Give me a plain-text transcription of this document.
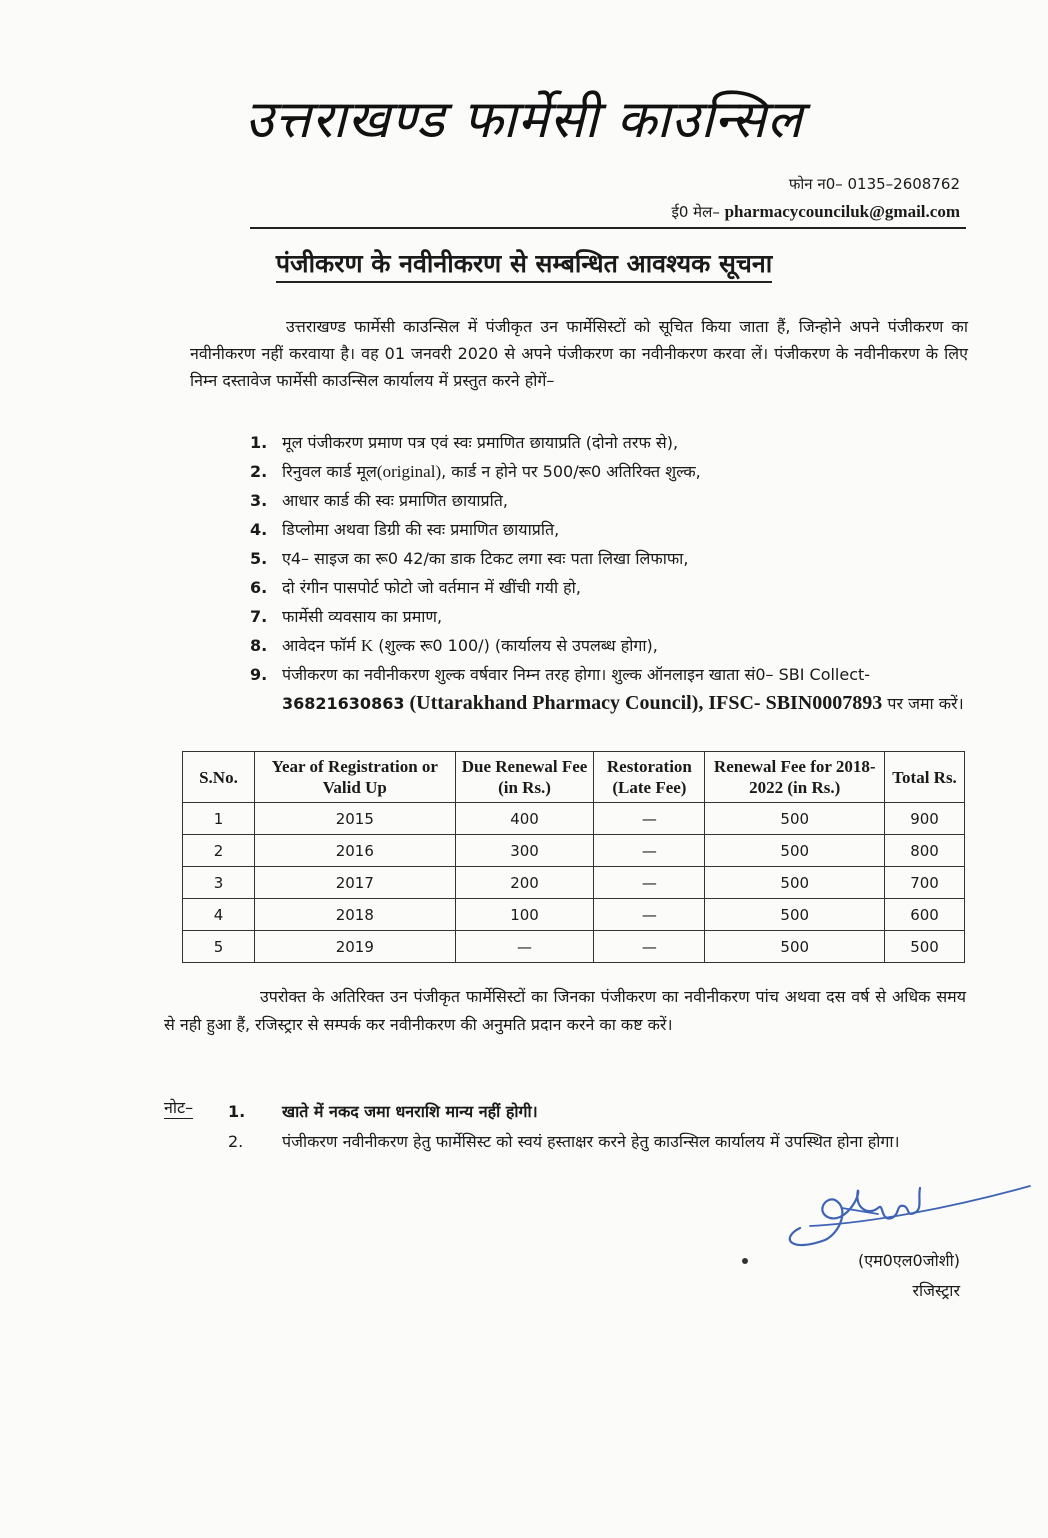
उत्तराखण्ड फार्मेसी काउन्सिल
फोन न0– 0135–2608762
ई0 मेल– pharmacycounciluk@gmail.com
पंजीकरण के नवीनीकरण से सम्बन्धित आवश्यक सूचना
उत्तराखण्ड फार्मेसी काउन्सिल में पंजीकृत उन फार्मेसिस्टों को सूचित किया जाता हैं, जिन्होने अपने पंजीकरण का नवीनीकरण नहीं करवाया है। वह 01 जनवरी 2020 से अपने पंजीकरण का नवीनीकरण करवा लें। पंजीकरण के नवीनीकरण के लिए निम्न दस्तावेज फार्मेसी काउन्सिल कार्यालय में प्रस्तुत करने होगें–
1. मूल पंजीकरण प्रमाण पत्र एवं स्वः प्रमाणित छायाप्रति (दोनो तरफ से),
2. रिनुवल कार्ड मूल(original), कार्ड न होने पर 500/रू0 अतिरिक्त शुल्क,
3. आधार कार्ड की स्वः प्रमाणित छायाप्रति,
4. डिप्लोमा अथवा डिग्री की स्वः प्रमाणित छायाप्रति,
5. ए4– साइज का रू0 42/का डाक टिकट लगा स्वः पता लिखा लिफाफा,
6. दो रंगीन पासपोर्ट फोटो जो वर्तमान में खींची गयी हो,
7. फार्मेसी व्यवसाय का प्रमाण,
8. आवेदन फॉर्म K (शुल्क रू0 100/) (कार्यालय से उपलब्ध होगा),
9. पंजीकरण का नवीनीकरण शुल्क वर्षवार निम्न तरह होगा। शुल्क ऑनलाइन खाता सं0– SBI Collect- 36821630863 (Uttarakhand Pharmacy Council), IFSC- SBIN0007893 पर जमा करें।
S.No.	Year of Registration or Valid Up	Due Renewal Fee (in Rs.)	Restoration (Late Fee)	Renewal Fee for 2018-2022 (in Rs.)	Total Rs.
1	2015	400	—	500	900
2	2016	300	—	500	800
3	2017	200	—	500	700
4	2018	100	—	500	600
5	2019	—	—	500	500
उपरोक्त के अतिरिक्त उन पंजीकृत फार्मेसिस्टों का जिनका पंजीकरण का नवीनीकरण पांच अथवा दस वर्ष से अधिक समय से नही हुआ हैं, रजिस्ट्रार से सम्पर्क कर नवीनीकरण की अनुमति प्रदान करने का कष्ट करें।
नोट– 1. खाते में नकद जमा धनराशि मान्य नहीं होगी।
2. पंजीकरण नवीनीकरण हेतु फार्मेसिस्ट को स्वयं हस्ताक्षर करने हेतु काउन्सिल कार्यालय में उपस्थित होना होगा।
(एम0एल0जोशी)
रजिस्ट्रार
